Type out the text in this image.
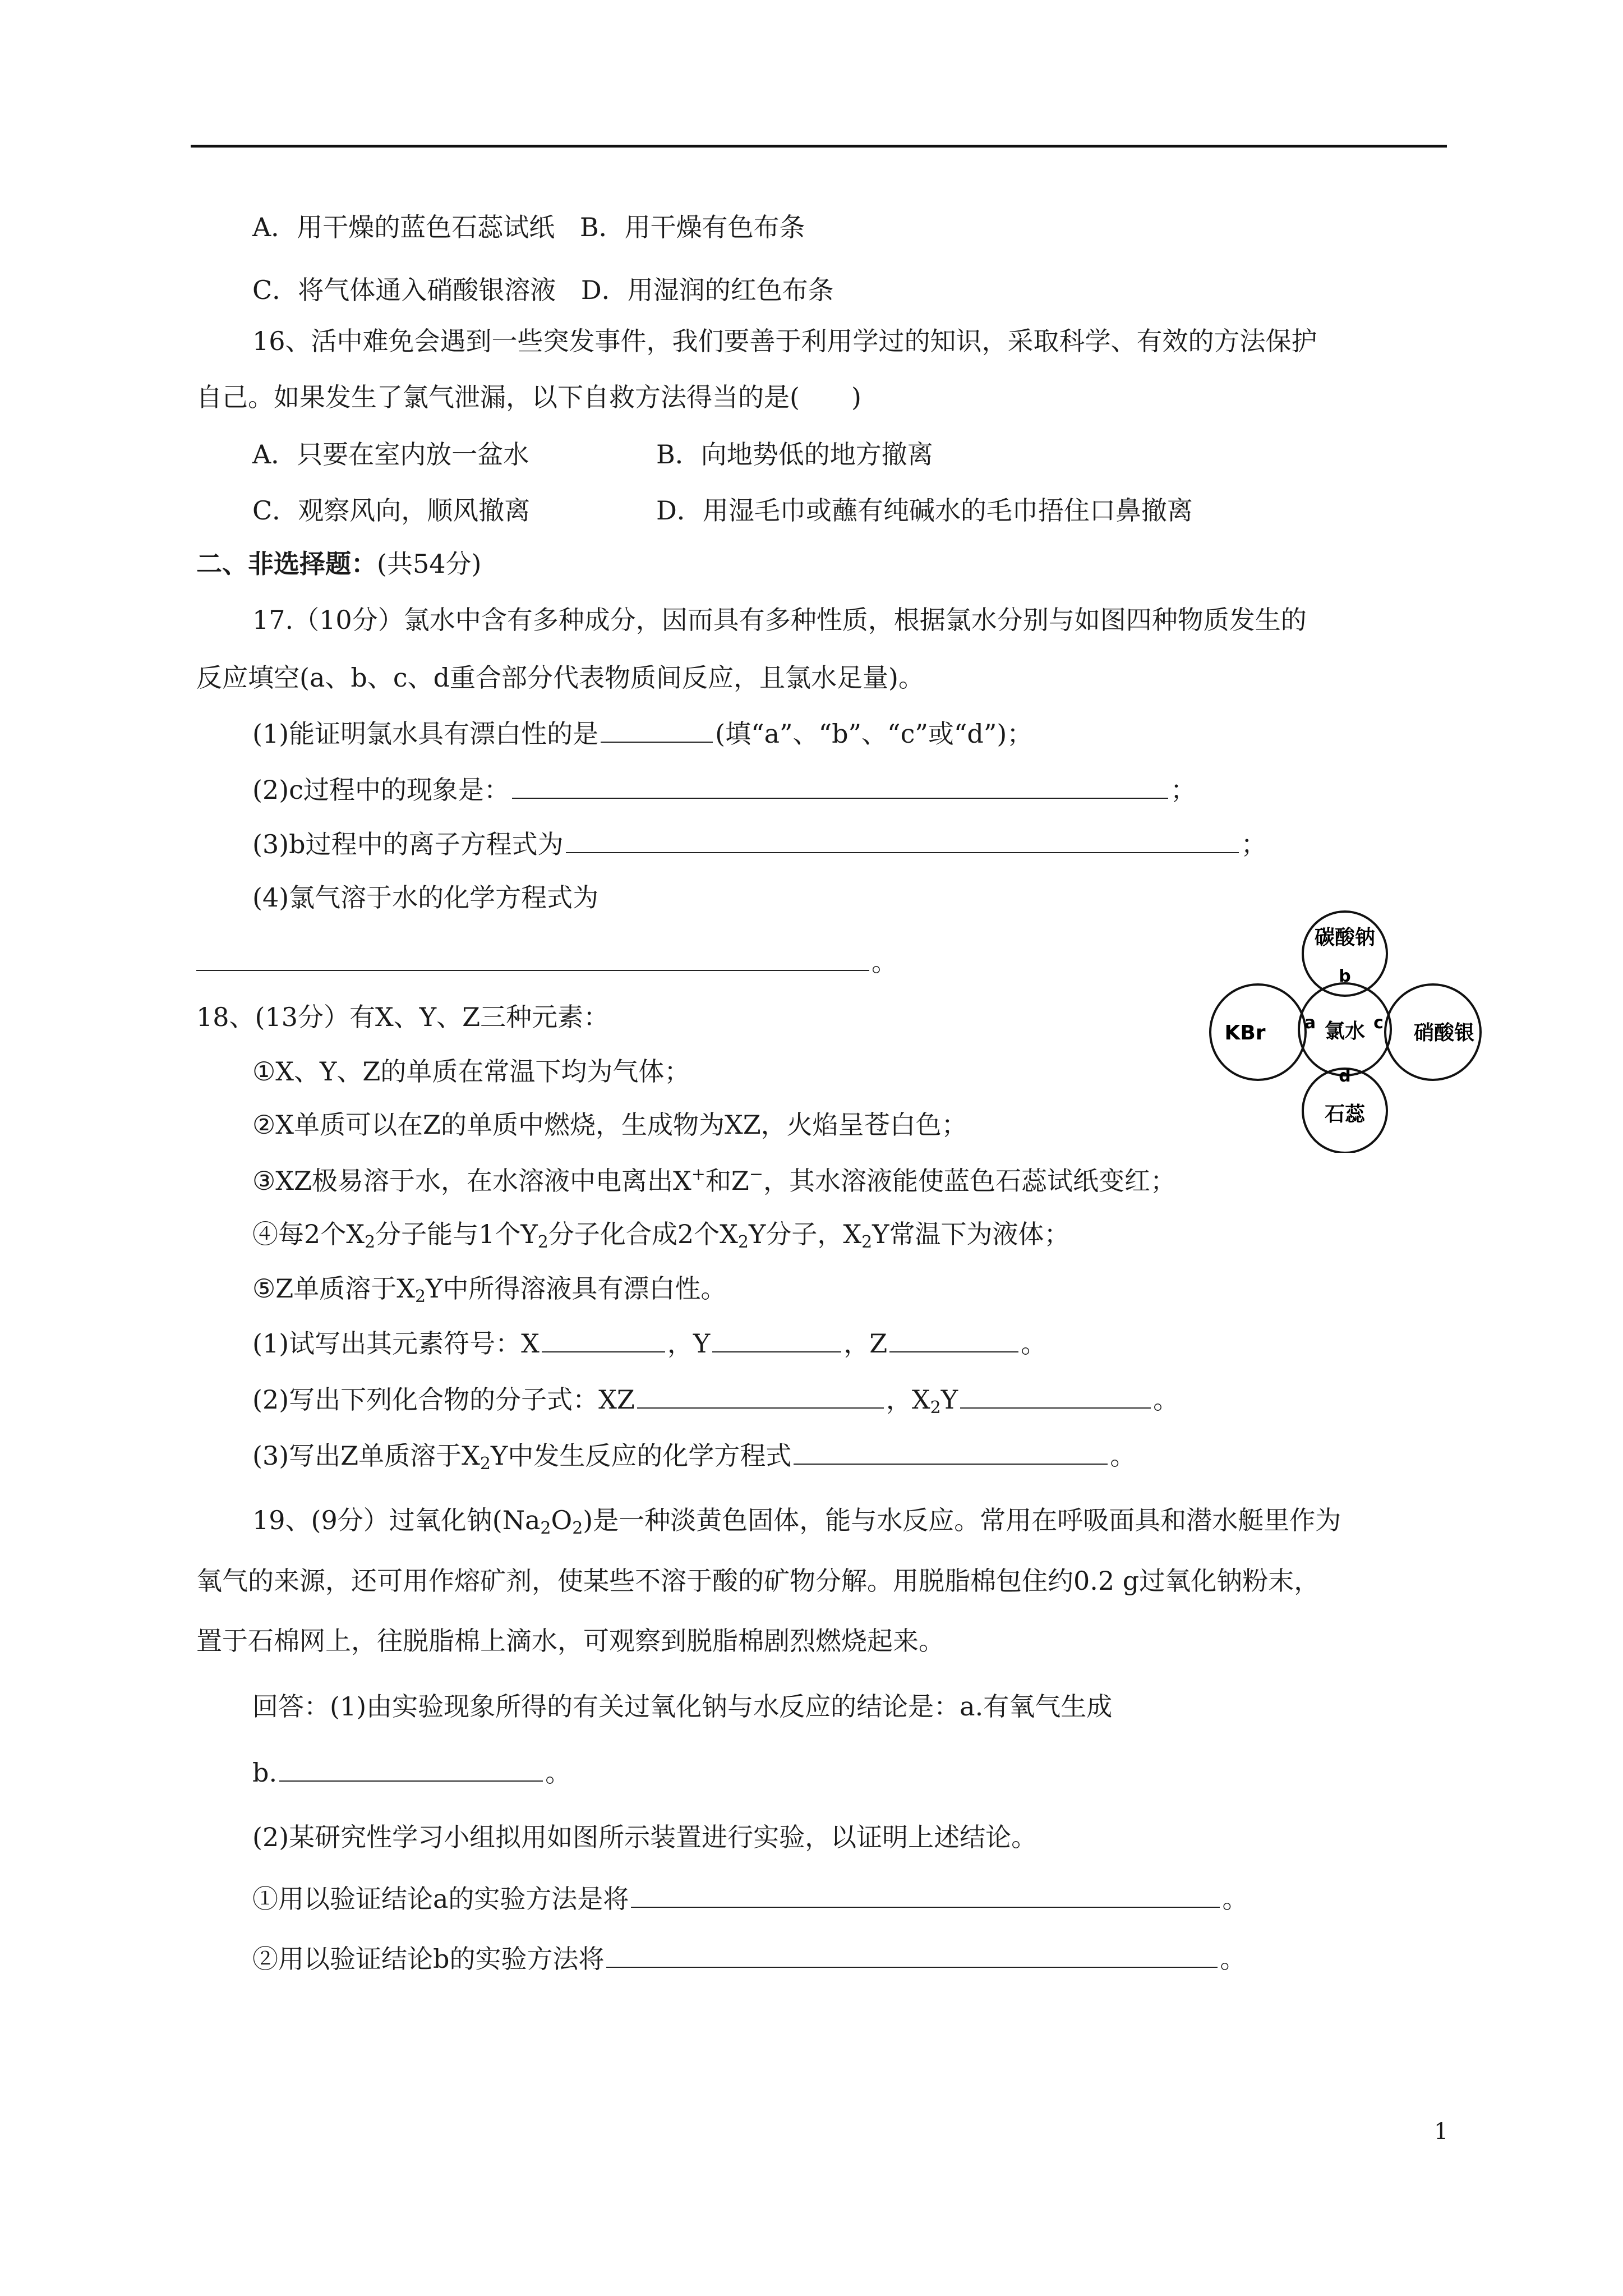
A．用干燥的蓝色石蕊试纸 B．用干燥有色布条
C．将气体通入硝酸银溶液 D．用湿润的红色布条
16、活中难免会遇到一些突发事件，我们要善于利用学过的知识，采取科学、有效的方法保护
自己。如果发生了氯气泄漏，以下自救方法得当的是(　　)
A．只要在室内放一盆水	B．向地势低的地方撤离
C．观察风向，顺风撤离	D．用湿毛巾或蘸有纯碱水的毛巾捂住口鼻撤离
二、非选择题：(共54分)
17.（10分）氯水中含有多种成分，因而具有多种性质，根据氯水分别与如图四种物质发生的
反应填空(a、b、c、d重合部分代表物质间反应，且氯水足量)。
(1)能证明氯水具有漂白性的是	(填“a”、“b”、“c”或“d”)；
(2)c过程中的现象是：	；
(3)b过程中的离子方程式为	；
(4)氯气溶于水的化学方程式为
。
碳酸钠
b
KBr a 氯水 c 硝酸银
d
石蕊
18、(13分）有X、Y、Z三种元素：
①X、Y、Z的单质在常温下均为气体；
②X单质可以在Z的单质中燃烧，生成物为XZ，火焰呈苍白色；
③XZ极易溶于水，在水溶液中电离出X+和Z−，其水溶液能使蓝色石蕊试纸变红；
④每2个$X_2$分子能与1个$Y_2$分子化合成2个$X_2Y$分子，$X_2Y$常温下为液体；
⑤Z单质溶于$X_2Y$中所得溶液具有漂白性。
(1)试写出其元素符号：X	，Y	，Z	。
(2)写出下列化合物的分子式：XZ	，$X_2Y$	。
(3)写出Z单质溶于$X_2Y$中发生反应的化学方程式	。
19、(9分）过氧化钠$(Na_2O_2)$是一种淡黄色固体，能与水反应。常用在呼吸面具和潜水艇里作为
氧气的来源，还可用作熔矿剂，使某些不溶于酸的矿物分解。用脱脂棉包住约0.2 g过氧化钠粉末，
置于石棉网上，往脱脂棉上滴水，可观察到脱脂棉剧烈燃烧起来。
回答：(1)由实验现象所得的有关过氧化钠与水反应的结论是：a.有氧气生成
b.	。
(2)某研究性学习小组拟用如图所示装置进行实验，以证明上述结论。
①用以验证结论a的实验方法是将	。
②用以验证结论b的实验方法将	。
1
